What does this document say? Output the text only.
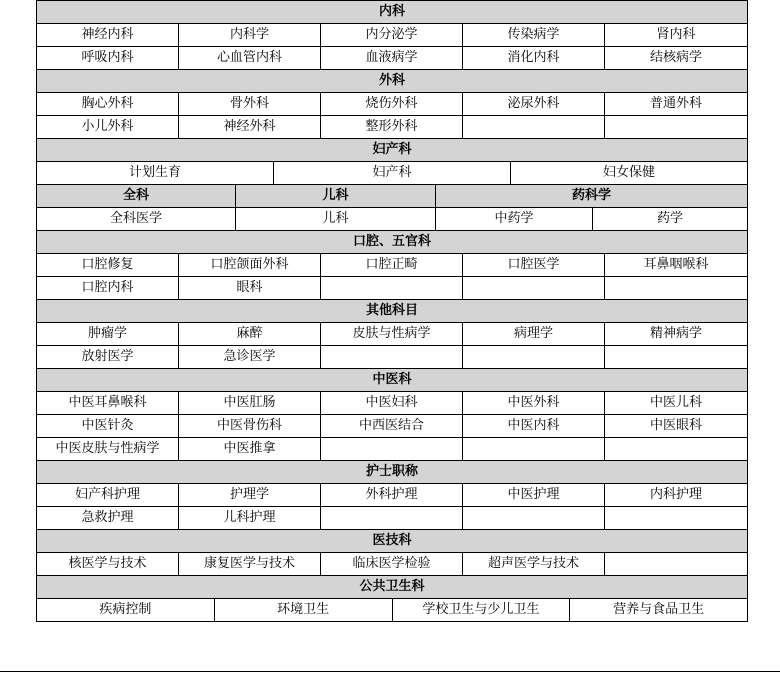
内科
神经内科	内科学	内分泌学	传染病学	肾内科
呼吸内科	心血管内科	血液病学	消化内科	结核病学
外科
胸心外科	骨外科	烧伤外科	泌尿外科	普通外科
小儿外科	神经外科	整形外科
妇产科
计划生育	妇产科	妇女保健
全科	儿科	药科学
全科医学	儿科	中药学	药学
口腔、五官科
口腔修复	口腔颌面外科	口腔正畸	口腔医学	耳鼻咽喉科
口腔内科	眼科
其他科目
肿瘤学	麻醉	皮肤与性病学	病理学	精神病学
放射医学	急诊医学
中医科
中医耳鼻喉科	中医肛肠	中医妇科	中医外科	中医儿科
中医针灸	中医骨伤科	中西医结合	中医内科	中医眼科
中医皮肤与性病学	中医推拿
护士职称
妇产科护理	护理学	外科护理	中医护理	内科护理
急救护理	儿科护理
医技科
核医学与技术	康复医学与技术	临床医学检验	超声医学与技术
公共卫生科
疾病控制	环境卫生	学校卫生与少儿卫生	营养与食品卫生
